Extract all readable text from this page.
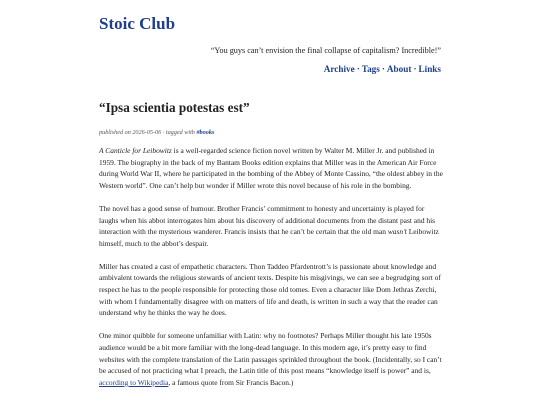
Stoic Club

“You guys can’t envision the final collapse of capitalism? Incredible!”

Archive · Tags · About · Links
“Ipsa scientia potestas est”
published on 2026-05-06 · tagged with #books

A Canticle for Leibowitz is a well-regarded science fiction novel written by Walter M. Miller Jr. and published in 1959. The biography in the back of my Bantam Books edition explains that Miller was in the American Air Force during World War II, where he participated in the bombing of the Abbey of Monte Cassino, “the oldest abbey in the Western world”. One can’t help but wonder if Miller wrote this novel because of his role in the bombing.

The novel has a good sense of humour. Brother Francis’ commitment to honesty and uncertainty is played for laughs when his abbot interrogates him about his discovery of additional documents from the distant past and his interaction with the mysterious wanderer. Francis insists that he can’t be certain that the old man wasn’t Leibowitz himself, much to the abbot’s despair.

Miller has created a cast of empathetic characters. Thon Taddeo Pfardentrott’s is passionate about knowledge and ambivalent towards the religious stewards of ancient texts. Despite his misgivings, we can see a begrudging sort of respect he has to the people responsible for protecting those old tomes. Even a character like Dom Jethras Zerchi, with whom I fundamentally disagree with on matters of life and death, is written in such a way that the reader can understand why he thinks the way he does.

One minor quibble for someone unfamiliar with Latin: why no footnotes? Perhaps Miller thought his late 1950s audience would be a bit more familiar with the long-dead language. In this modern age, it’s pretty easy to find websites with the complete translation of the Latin passages sprinkled throughout the book. (Incidentally, so I can’t be accused of not practicing what I preach, the Latin title of this post means “knowledge itself is power” and is, according to Wikipedia, a famous quote from Sir Francis Bacon.)
